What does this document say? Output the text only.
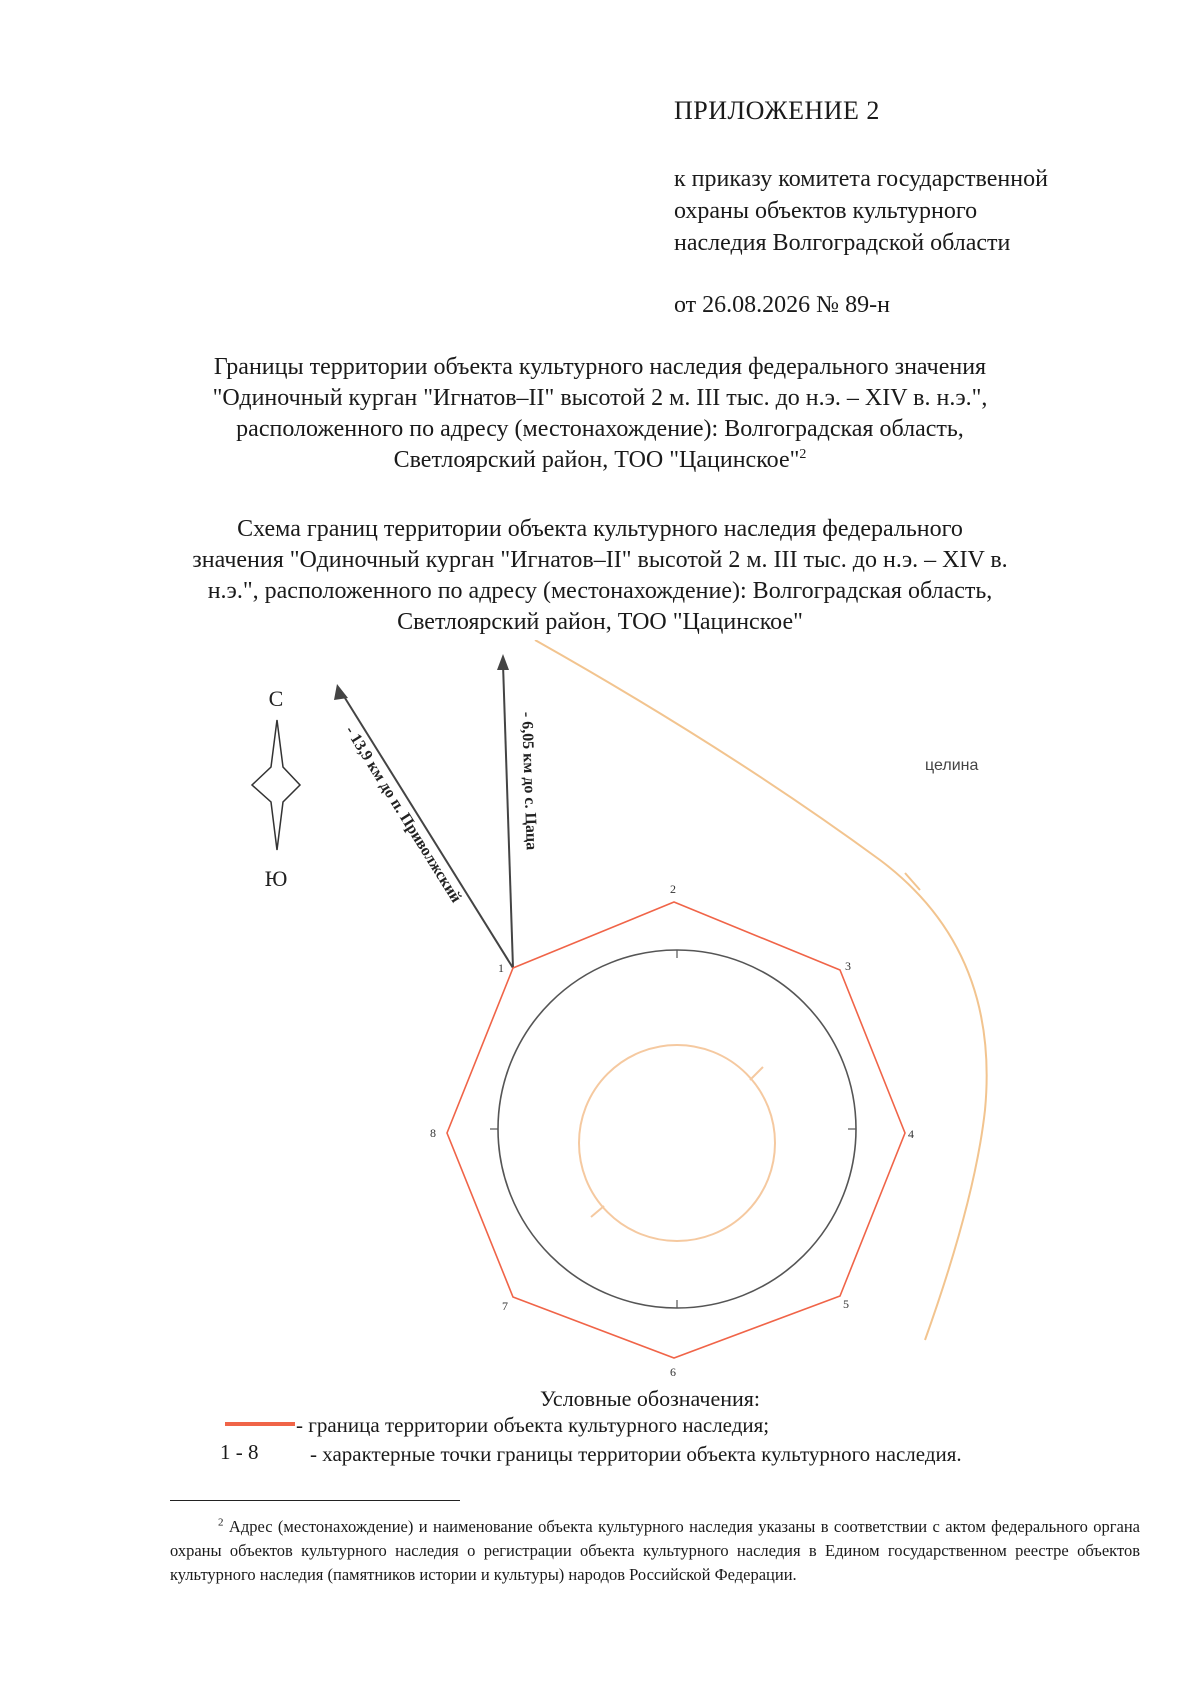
ПРИЛОЖЕНИЕ 2
к приказу комитета государственной
охраны объектов культурного
наследия Волгоградской области
от 26.08.2026 № 89-н
Границы территории объекта культурного наследия федерального значения
"Одиночный курган "Игнатов–II" высотой 2 м. III тыс. до н.э. – XIV в. н.э.",
расположенного по адресу (местонахождение): Волгоградская область,
Светлоярский район, ТОО "Цацинское"$^2$
Схема границ территории объекта культурного наследия федерального
значения "Одиночный курган "Игнатов–II" высотой 2 м. III тыс. до н.э. – XIV в.
н.э.", расположенного по адресу (местонахождение): Волгоградская область,
Светлоярский район, ТОО "Цацинское"
С
Ю	- 13,9 км до п. Приволжский	- 6,05 км до с. Цаца	целина
1
2
3
4
5
6
7
8
Условные обозначения:
- граница территории объекта культурного наследия;
1 - 8 - характерные точки границы территории объекта культурного наследия.
$^2$ Адрес (местонахождение) и наименование объекта культурного наследия указаны в соответствии с актом федерального органа охраны объектов культурного наследия о регистрации объекта культурного наследия в Едином государственном реестре объектов культурного наследия (памятников истории и культуры) народов Российской Федерации.
